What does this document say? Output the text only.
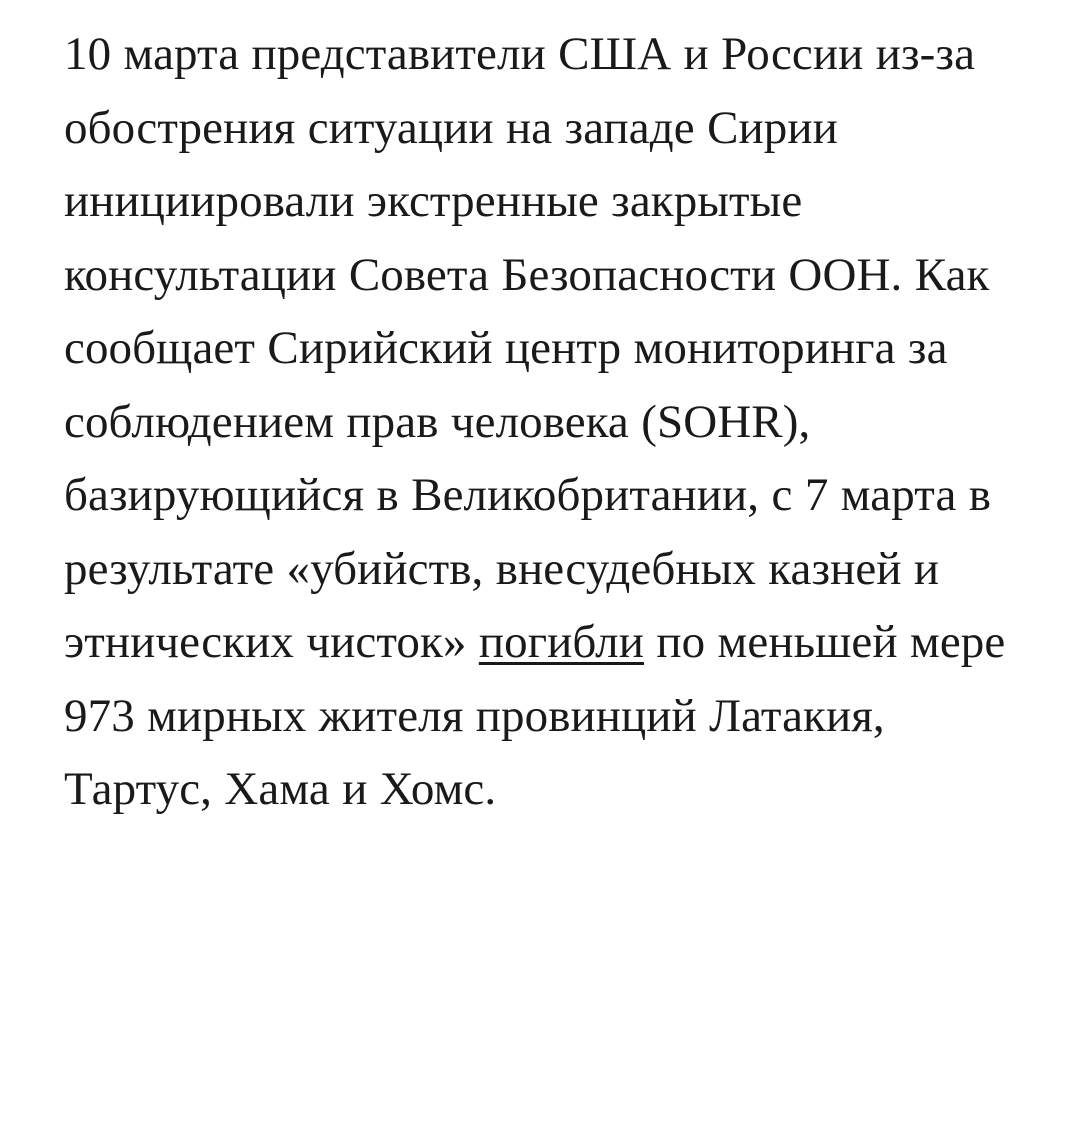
10 марта представители США и России из-за обострения ситуации на западе Сирии инициировали экстренные закрытые консультации Совета Безопасности ООН. Как сообщает Сирийский центр мониторинга за соблюдением прав человека (SOHR), базирующийся в Великобритании, с 7 марта в результате «убийств, внесудебных казней и этнических чисток» погибли по меньшей мере 973 мирных жителя провинций Латакия, Тартус, Хама и Хомс.
